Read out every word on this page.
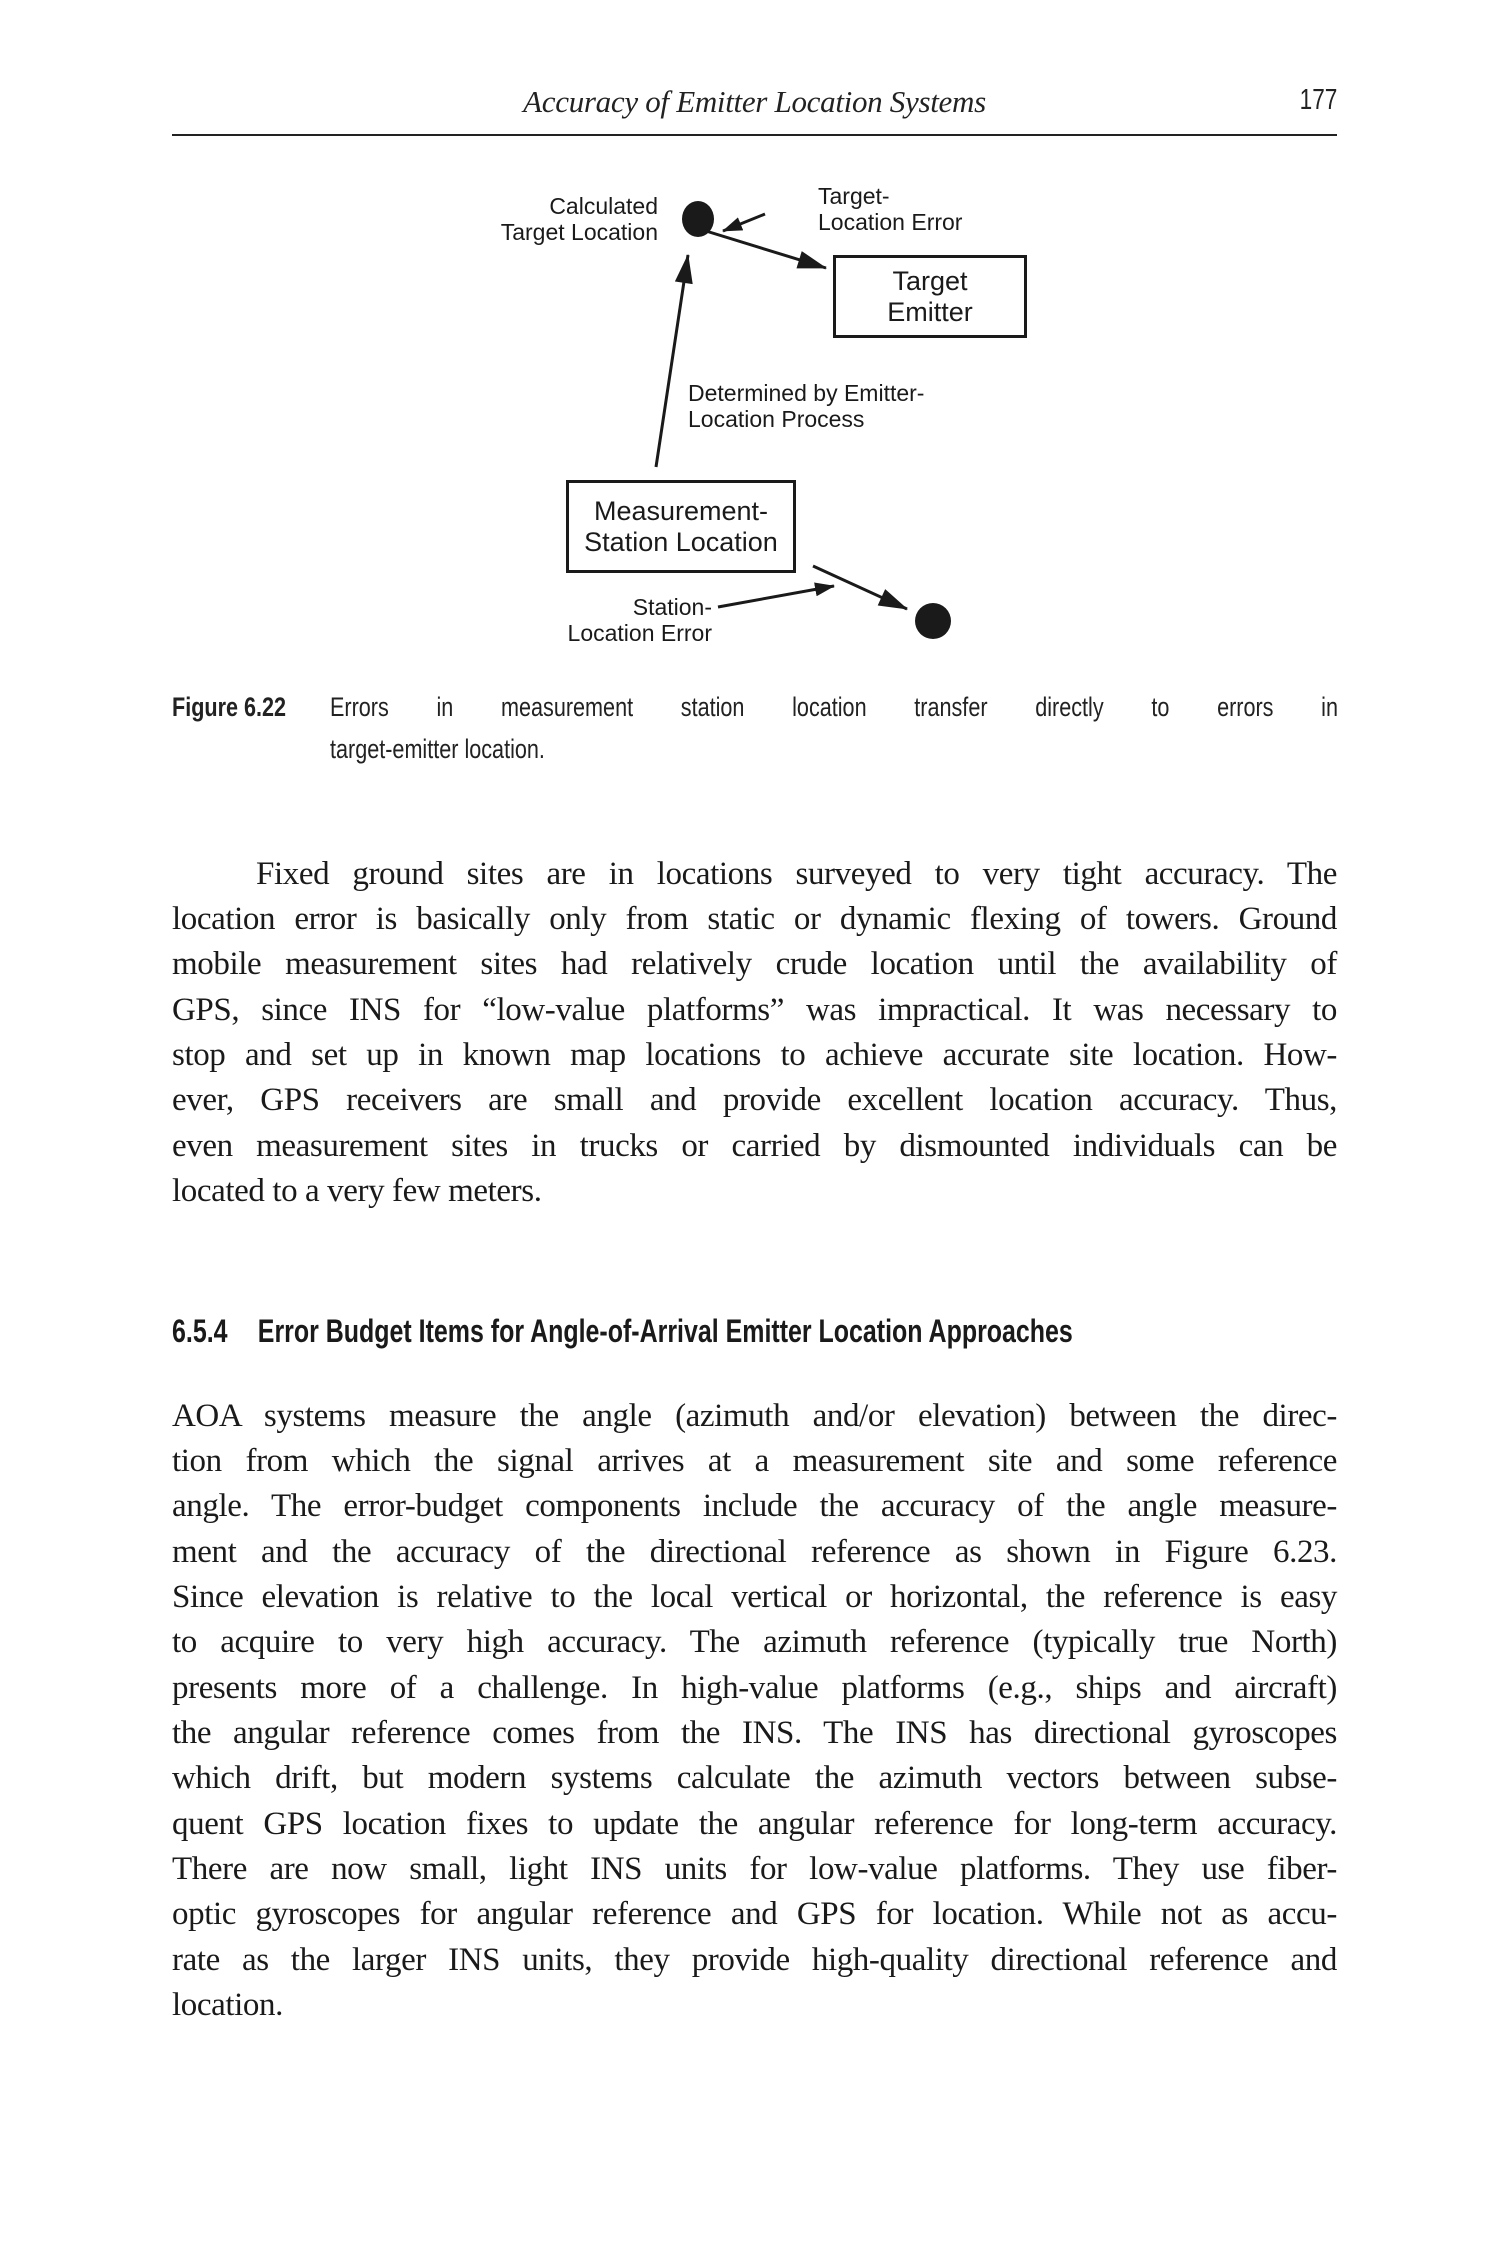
Accuracy of Emitter Location Systems	177
Calculated
Target Location
Target-
Location Error
Target
Emitter
Determined by Emitter-
Location Process
Measurement-
Station Location
Station-
Location Error
Figure 6.22 Errors in measurement station location transfer directly to errors in
target-emitter location.
Fixed ground sites are in locations surveyed to very tight accuracy. The
location error is basically only from static or dynamic flexing of towers. Ground
mobile measurement sites had relatively crude location until the availability of
GPS, since INS for “low-value platforms” was impractical. It was necessary to
stop and set up in known map locations to achieve accurate site location. How-
ever, GPS receivers are small and provide excellent location accuracy. Thus,
even measurement sites in trucks or carried by dismounted individuals can be
located to a very few meters.
6.5.4 Error Budget Items for Angle-of-Arrival Emitter Location Approaches
AOA systems measure the angle (azimuth and/or elevation) between the direc-
tion from which the signal arrives at a measurement site and some reference
angle. The error-budget components include the accuracy of the angle measure-
ment and the accuracy of the directional reference as shown in Figure 6.23.
Since elevation is relative to the local vertical or horizontal, the reference is easy
to acquire to very high accuracy. The azimuth reference (typically true North)
presents more of a challenge. In high-value platforms (e.g., ships and aircraft)
the angular reference comes from the INS. The INS has directional gyroscopes
which drift, but modern systems calculate the azimuth vectors between subse-
quent GPS location fixes to update the angular reference for long-term accuracy.
There are now small, light INS units for low-value platforms. They use fiber-
optic gyroscopes for angular reference and GPS for location. While not as accu-
rate as the larger INS units, they provide high-quality directional reference and
location.
